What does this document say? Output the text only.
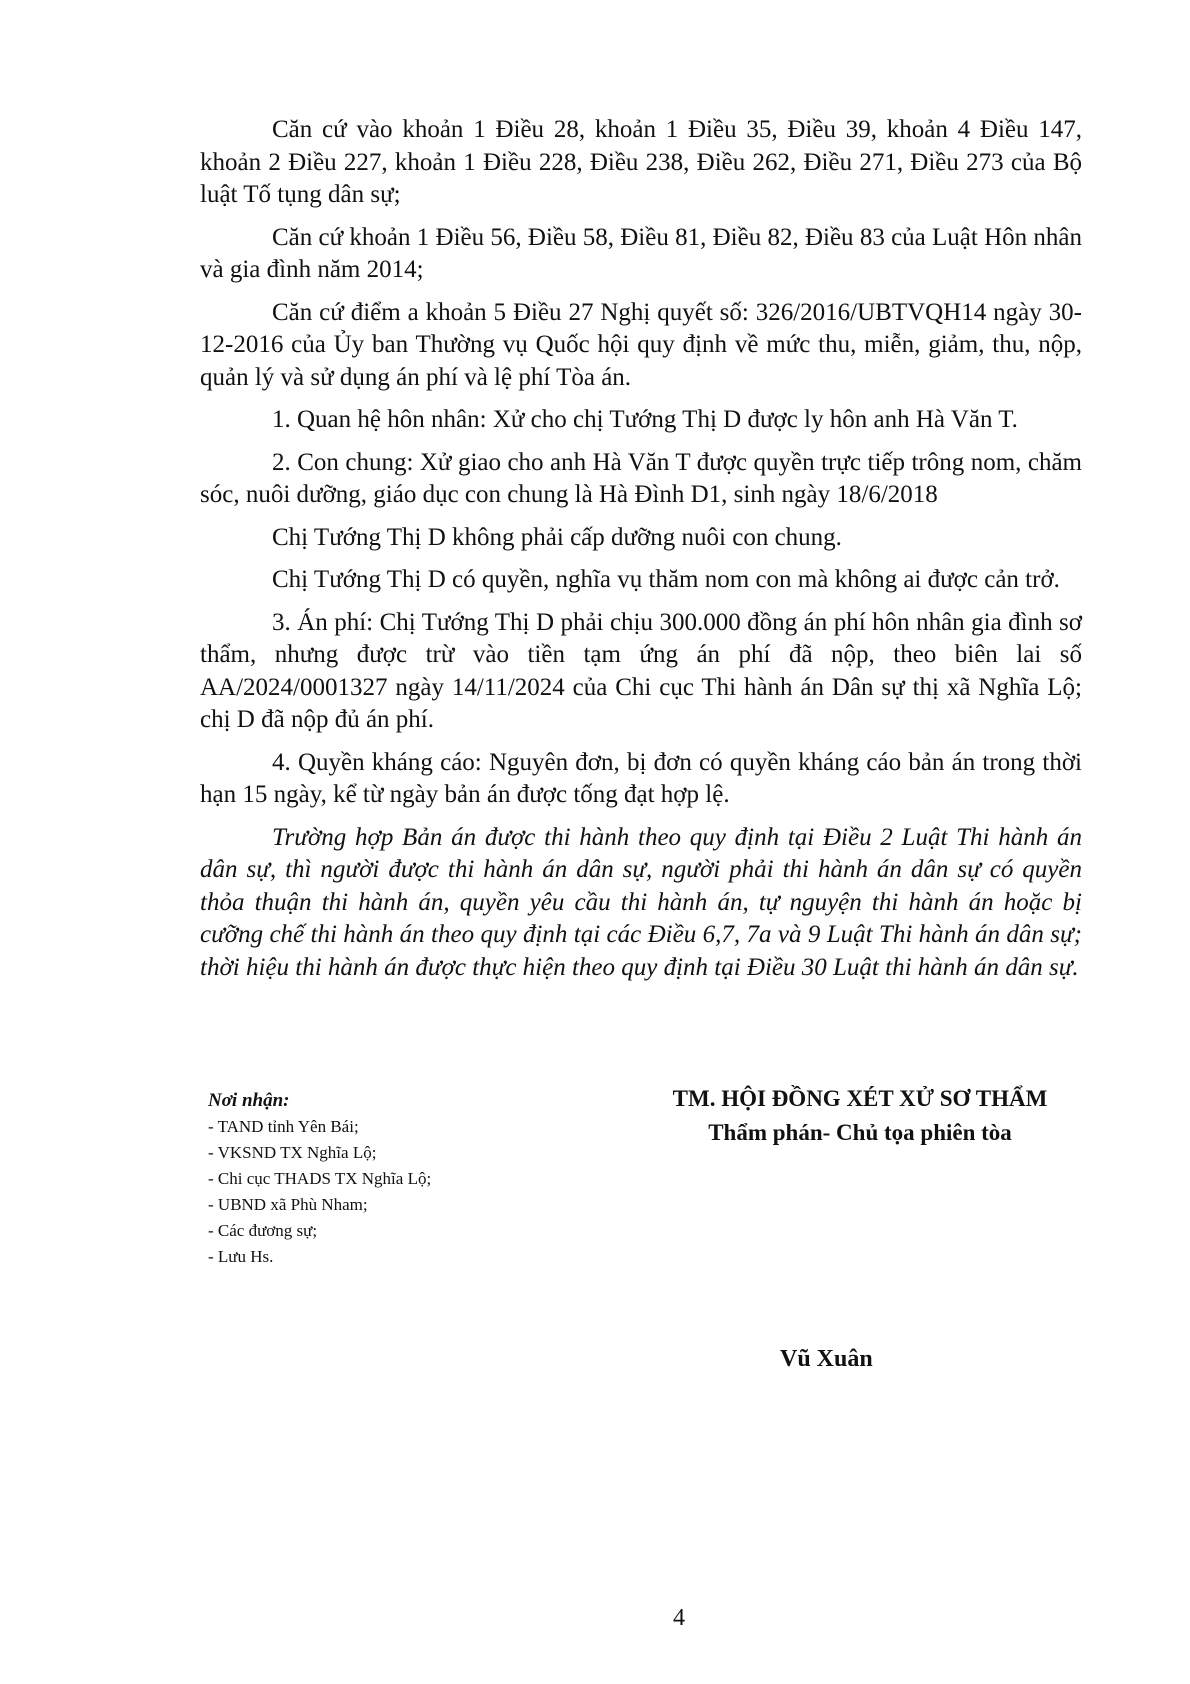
Căn cứ vào khoản 1 Điều 28, khoản 1 Điều 35, Điều 39, khoản 4 Điều 147, khoản 2 Điều 227, khoản 1 Điều 228, Điều 238, Điều 262, Điều 271, Điều 273 của Bộ luật Tố tụng dân sự;

Căn cứ khoản 1 Điều 56, Điều 58, Điều 81, Điều 82, Điều 83 của Luật Hôn nhân và gia đình năm 2014;

Căn cứ điểm a khoản 5 Điều 27 Nghị quyết số: 326/2016/UBTVQH14 ngày 30-12-2016 của Ủy ban Thường vụ Quốc hội quy định về mức thu, miễn, giảm, thu, nộp, quản lý và sử dụng án phí và lệ phí Tòa án.

1. Quan hệ hôn nhân: Xử cho chị Tướng Thị D được ly hôn anh Hà Văn T.

2. Con chung: Xử giao cho anh Hà Văn T được quyền trực tiếp trông nom, chăm sóc, nuôi dưỡng, giáo dục con chung là Hà Đình D1, sinh ngày 18/6/2018

Chị Tướng Thị D không phải cấp dưỡng nuôi con chung.

Chị Tướng Thị D có quyền, nghĩa vụ thăm nom con mà không ai được cản trở.

3. Án phí: Chị Tướng Thị D phải chịu 300.000 đồng án phí hôn nhân gia đình sơ thẩm, nhưng được trừ vào tiền tạm ứng án phí đã nộp, theo biên lai số AA/2024/0001327 ngày 14/11/2024 của Chi cục Thi hành án Dân sự thị xã Nghĩa Lộ; chị D đã nộp đủ án phí.

4. Quyền kháng cáo: Nguyên đơn, bị đơn có quyền kháng cáo bản án trong thời hạn 15 ngày, kể từ ngày bản án được tống đạt hợp lệ.

Trường hợp Bản án được thi hành theo quy định tại Điều 2 Luật Thi hành án dân sự, thì người được thi hành án dân sự, người phải thi hành án dân sự có quyền thỏa thuận thi hành án, quyền yêu cầu thi hành án, tự nguyện thi hành án hoặc bị cưỡng chế thi hành án theo quy định tại các Điều 6,7, 7a và 9 Luật Thi hành án dân sự; thời hiệu thi hành án được thực hiện theo quy định tại Điều 30 Luật thi hành án dân sự.

Nơi nhận:
- TAND tỉnh Yên Bái;
- VKSND TX Nghĩa Lộ;
- Chi cục THADS TX Nghĩa Lộ;
- UBND xã Phù Nham;
- Các đương sự;
- Lưu Hs.
TM. HỘI ĐỒNG XÉT XỬ SƠ THẨM
Thẩm phán- Chủ tọa phiên tòa
Vũ Xuân
4
